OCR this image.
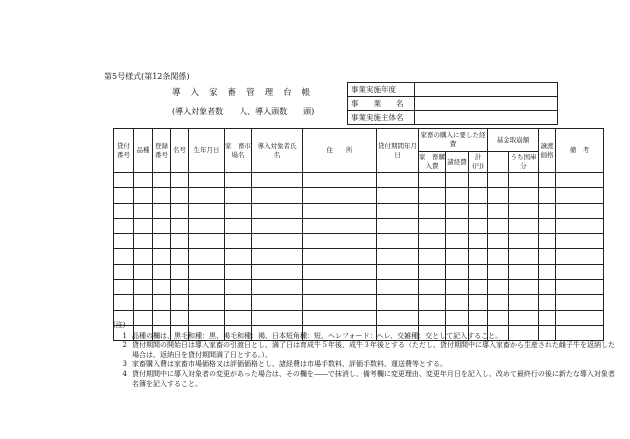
第5号様式(第12条関係)
導 入 家 畜 管 理 台 帳
(導入対象者数　　人、導入頭数　　頭)
事業実施年度	
事　　業　　名	
事業実施主体名	
貸付番号	品種	登録番号	名号	生年月日	家　畜市場名	導入対象者氏　　名	住　　所	貸付期間年月日	家畜の購入に要した経費			基金取崩額		譲渡価格	備　考
									家　畜購入費	諸経費	計(円)		うち国庫分		

(注)
1 品種の欄は、黒毛和種：黒、褐毛和種：褐、日本短角種：短、ヘレフォード：ヘレ、交雑種：交として記入すること。
2 貸付期間の開始日は導入家畜の引渡日とし、満了日は育成牛５年後、成牛３年後とする（ただし、貸付期間中に導入家畜から生産された雌子牛を返納した場合は、返納日を貸付期間満了日とする。）。
3 家畜購入費は家畜市場価格又は評価価格とし、諸経費は市場手数料、評価手数料、運送費等とする。
4 貸付期間中に導入対象者の変更があった場合は、その欄を――で抹消し、備考欄に変更理由、変更年月日を記入し、改めて最終行の後に新たな導入対象者名簿を記入すること。
